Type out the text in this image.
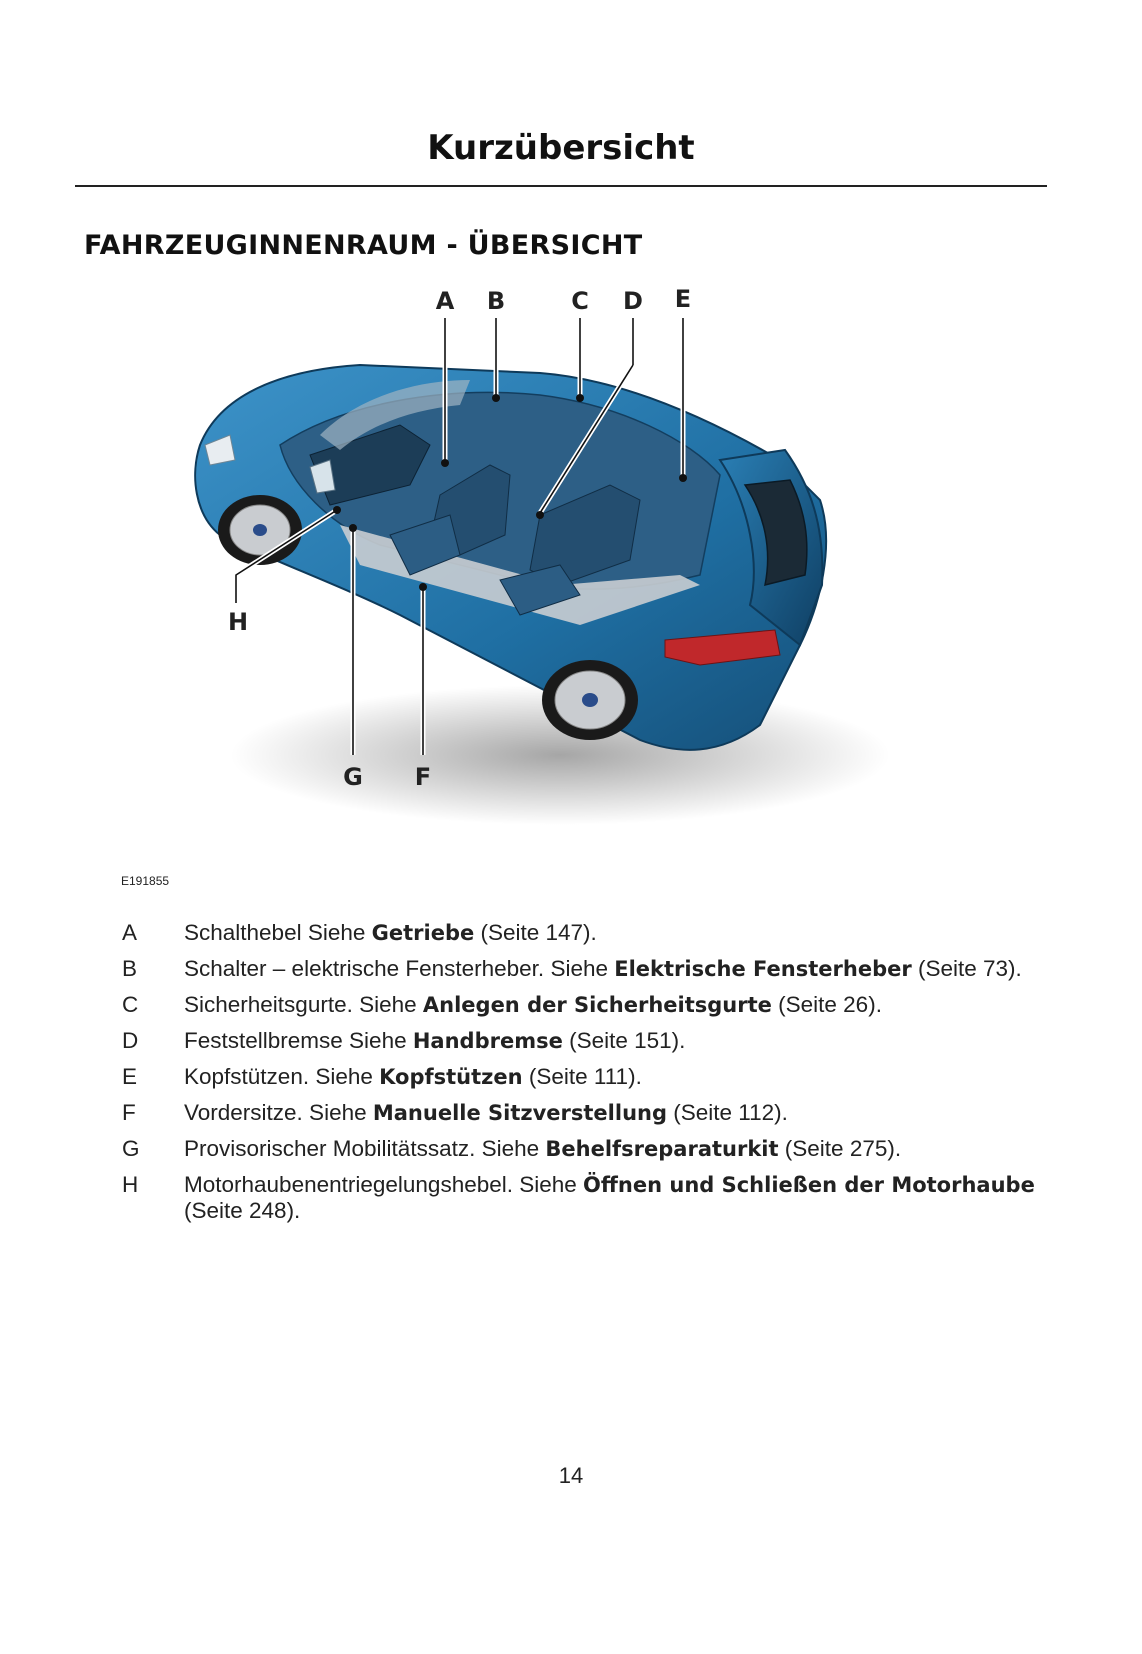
Kurzübersicht
FAHRZEUGINNENRAUM - ÜBERSICHT
A B	C D E
F
G
H
E191855
A	Schalthebel Siehe Getriebe (Seite 147).
B	Schalter – elektrische Fensterheber. Siehe Elektrische Fensterheber (Seite 73).
C	Sicherheitsgurte. Siehe Anlegen der Sicherheitsgurte (Seite 26).
D	Feststellbremse Siehe Handbremse (Seite 151).
E	Kopfstützen. Siehe Kopfstützen (Seite 111).
F	Vordersitze. Siehe Manuelle Sitzverstellung (Seite 112).
G	Provisorischer Mobilitätssatz. Siehe Behelfsreparaturkit (Seite 275).
H	Motorhaubenentriegelungshebel. Siehe Öffnen und Schließen der Motorhaube (Seite 248).
14
